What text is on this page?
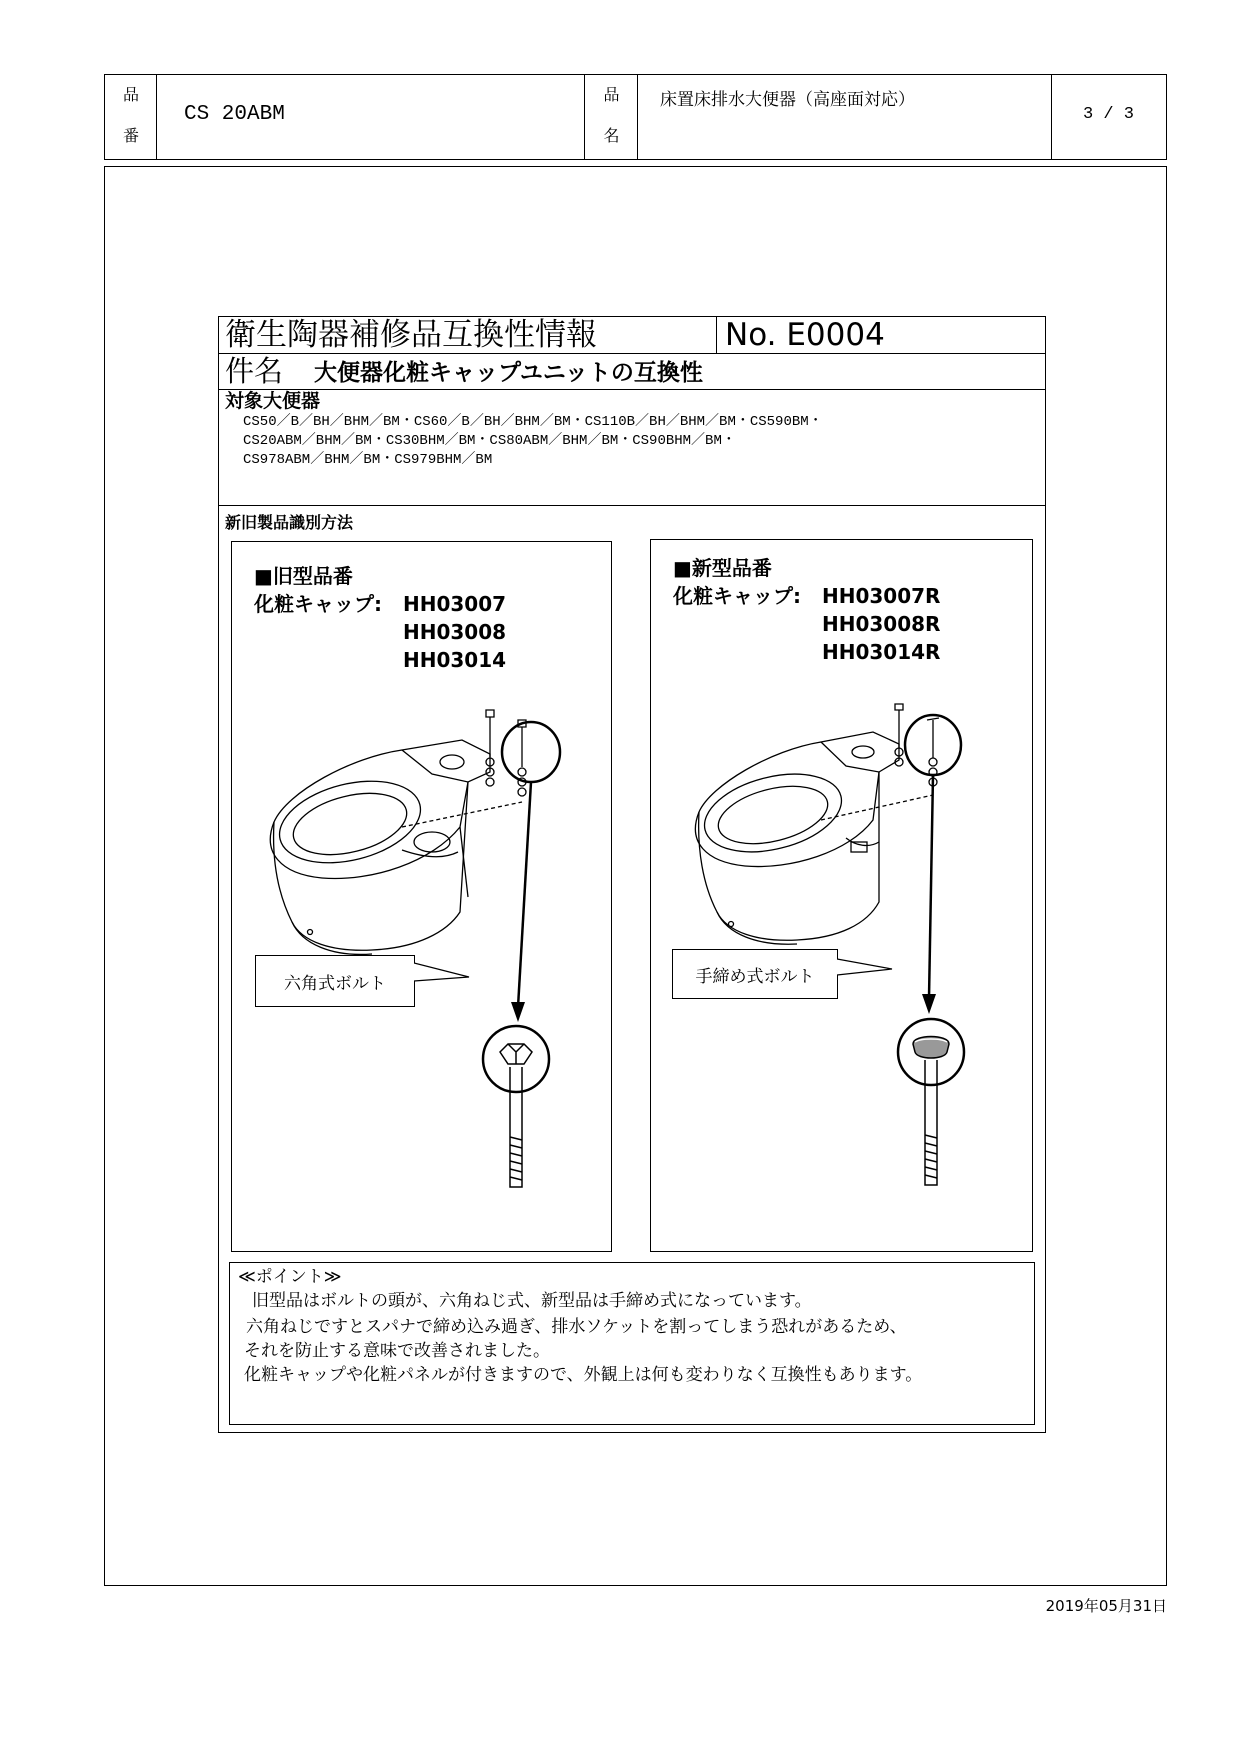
品
番
CS 20ABM
品
名
床置床排水大便器（高座面対応）
3 / 3
衛生陶器補修品互換性情報	No. E0004
件名 大便器化粧キャップユニットの互換性
対象大便器
CS50／B／BH／BHM／BM・CS60／B／BH／BHM／BM・CS110B／BH／BHM／BM・CS590BM・
CS20ABM／BHM／BM・CS30BHM／BM・CS80ABM／BHM／BM・CS90BHM／BM・
CS978ABM／BHM／BM・CS979BHM／BM
新旧製品識別方法
■旧型品番
化粧キャップ: HH03007
HH03008
HH03014
六角式ボルト
■新型品番
化粧キャップ: HH03007R
HH03008R
HH03014R
手締め式ボルト
≪ポイント≫
旧型品はボルトの頭が、六角ねじ式、新型品は手締め式になっています。
六角ねじですとスパナで締め込み過ぎ、排水ソケットを割ってしまう恐れがあるため、
それを防止する意味で改善されました。
化粧キャップや化粧パネルが付きますので、外観上は何も変わりなく互換性もあります。
2019年05月31日
